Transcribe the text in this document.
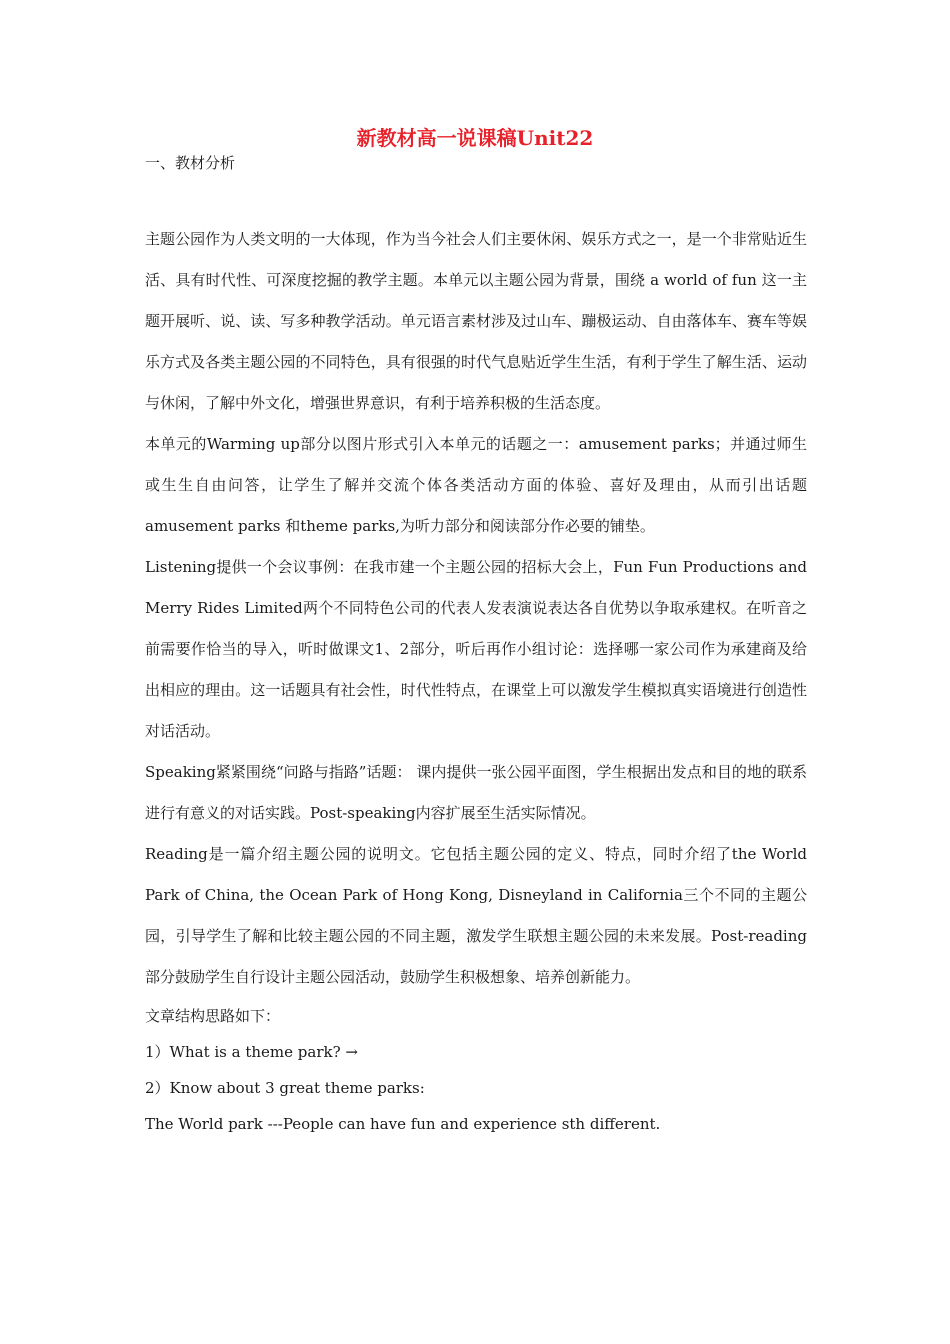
新教材高一说课稿Unit22
一、教材分析

主题公园作为人类文明的一大体现，作为当今社会人们主要休闲、娱乐方式之一，是一个非常贴近生活、具有时代性、可深度挖掘的教学主题。本单元以主题公园为背景，围绕 a world of fun 这一主题开展听、说、读、写多种教学活动。单元语言素材涉及过山车、蹦极运动、自由落体车、赛车等娱乐方式及各类主题公园的不同特色，具有很强的时代气息贴近学生生活，有利于学生了解生活、运动与休闲，了解中外文化，增强世界意识，有利于培养积极的生活态度。

本单元的Warming up部分以图片形式引入本单元的话题之一：amusement parks；并通过师生或生生自由问答，让学生了解并交流个体各类活动方面的体验、喜好及理由，从而引出话题amusement parks 和theme parks,为听力部分和阅读部分作必要的铺垫。

Listening提供一个会议事例：在我市建一个主题公园的招标大会上，Fun Fun Productions and Merry Rides Limited两个不同特色公司的代表人发表演说表达各自优势以争取承建权。在听音之前需要作恰当的导入，听时做课文1、2部分，听后再作小组讨论：选择哪一家公司作为承建商及给出相应的理由。这一话题具有社会性，时代性特点，在课堂上可以激发学生模拟真实语境进行创造性对话活动。

Speaking紧紧围绕“问路与指路”话题： 课内提供一张公园平面图，学生根据出发点和目的地的联系进行有意义的对话实践。Post-speaking内容扩展至生活实际情况。

Reading是一篇介绍主题公园的说明文。它包括主题公园的定义、特点，同时介绍了the World Park of China, the Ocean Park of Hong Kong, Disneyland in California三个不同的主题公园，引导学生了解和比较主题公园的不同主题，激发学生联想主题公园的未来发展。Post-reading部分鼓励学生自行设计主题公园活动，鼓励学生积极想象、培养创新能力。

文章结构思路如下：

1）What is a theme park? →

2）Know about 3 great theme parks:

The World park ---People can have fun and experience sth different.
